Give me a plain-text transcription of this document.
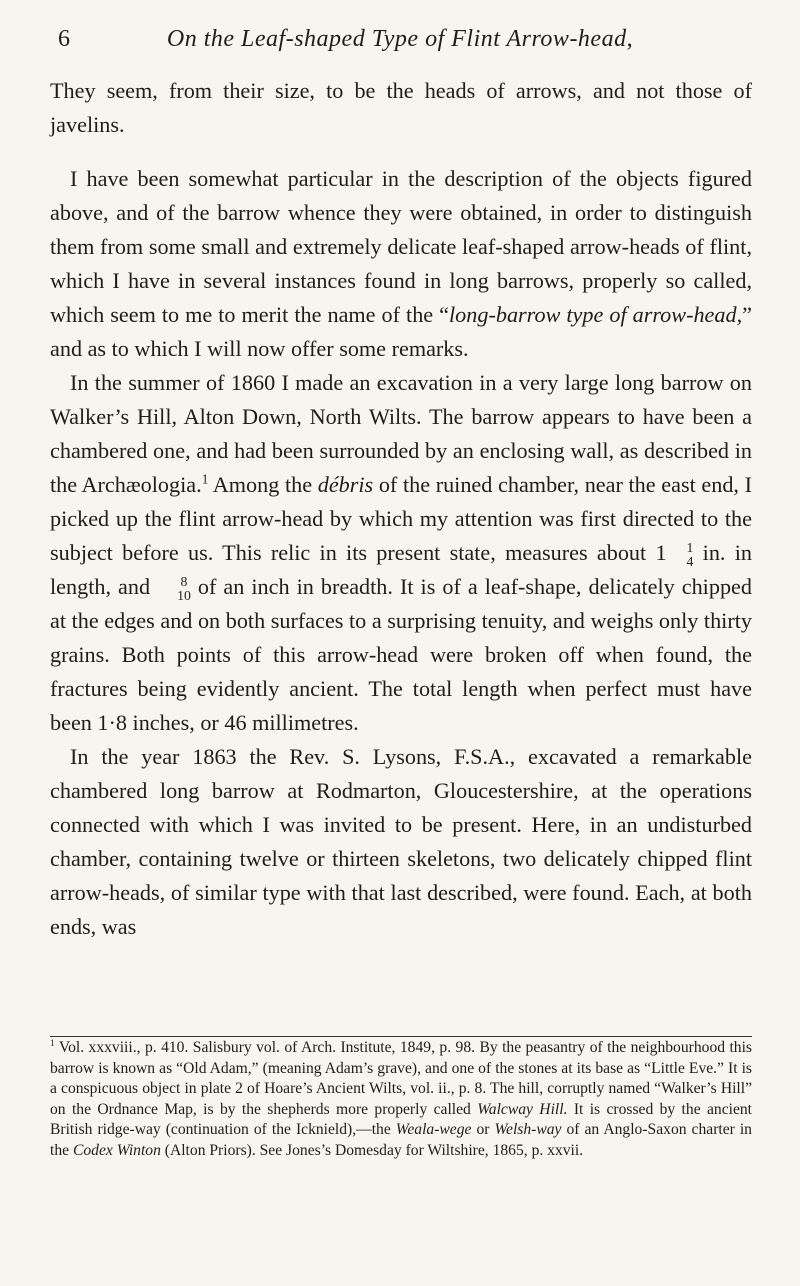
6	On the Leaf-shaped Type of Flint Arrow-head,

They seem, from their size, to be the heads of arrows, and not those of javelins.

I have been somewhat particular in the description of the objects figured above, and of the barrow whence they were obtained, in order to distinguish them from some small and extremely delicate leaf-shaped arrow-heads of flint, which I have in several instances found in long barrows, properly so called, which seem to me to merit the name of the “long-barrow type of arrow-head,” and as to which I will now offer some remarks.

In the summer of 1860 I made an excavation in a very large long barrow on Walker’s Hill, Alton Down, North Wilts. The barrow appears to have been a chambered one, and had been surrounded by an enclosing wall, as described in the Archæologia.$^1$ Among the débris of the ruined chamber, near the east end, I picked up the flint arrow-head by which my attention was first directed to the subject before us. This relic in its present state, measures about 1	1
4 in. in length, and	8
10 of an inch in breadth. It is of a leaf-shape, delicately chipped at the edges and on both surfaces to a surprising tenuity, and weighs only thirty grains. Both points of this arrow-head were broken off when found, the fractures being evidently ancient. The total length when perfect must have been 1·8 inches, or 46 millimetres.

In the year 1863 the Rev. S. Lysons, F.S.A., excavated a remarkable chambered long barrow at Rodmarton, Gloucestershire, at the operations connected with which I was invited to be present. Here, in an undisturbed chamber, containing twelve or thirteen skeletons, two delicately chipped flint arrow-heads, of similar type with that last described, were found. Each, at both ends, was

$^1$ Vol. xxxviii., p. 410. Salisbury vol. of Arch. Institute, 1849, p. 98. By the peasantry of the neighbourhood this barrow is known as “Old Adam,” (meaning Adam’s grave), and one of the stones at its base as “Little Eve.” It is a conspicuous object in plate 2 of Hoare’s Ancient Wilts, vol. ii., p. 8. The hill, corruptly named “Walker’s Hill” on the Ordnance Map, is by the shepherds more properly called Walcway Hill. It is crossed by the ancient British ridge-way (continuation of the Icknield),—the Weala-wege or Welsh-way of an Anglo-Saxon charter in the Codex Winton (Alton Priors). See Jones’s Domesday for Wiltshire, 1865, p. xxvii.
